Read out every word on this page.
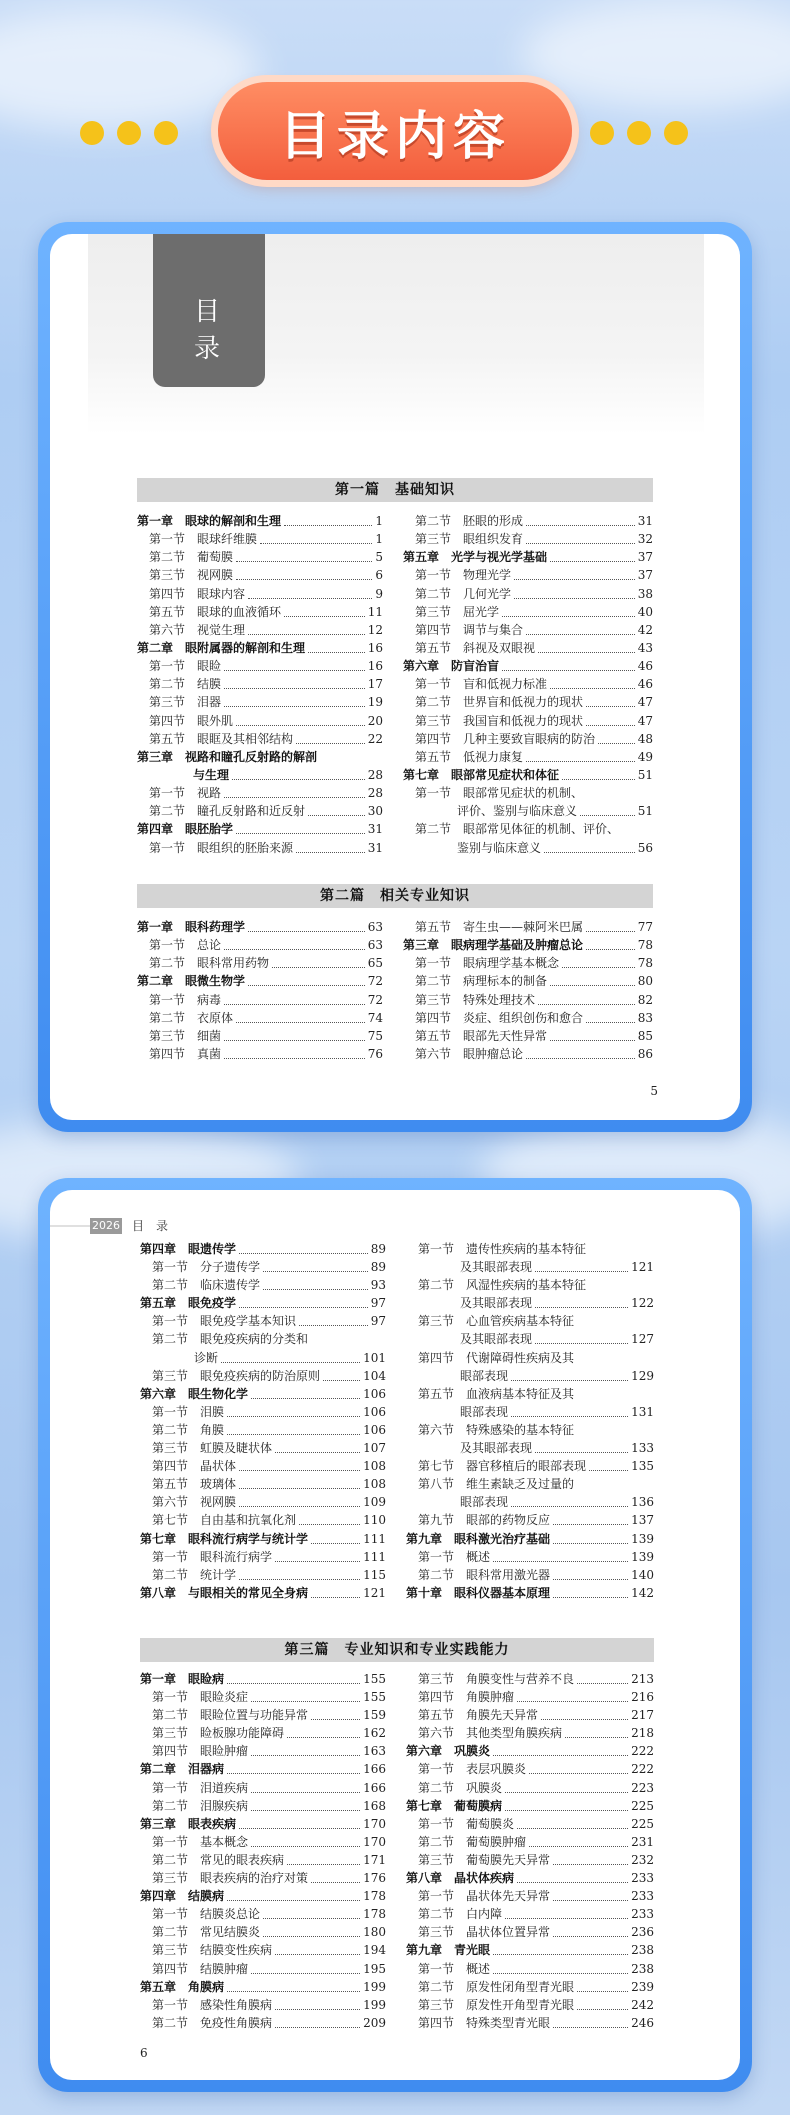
目录内容
目 录
第一篇　基础知识
第一章　眼球的解剖和生理	1
第一节　眼球纤维膜	1
第二节　葡萄膜	5
第三节　视网膜	6
第四节　眼球内容	9
第五节　眼球的血液循环	11
第六节　视觉生理	12
第二章　眼附属器的解剖和生理	16
第一节　眼睑	16
第二节　结膜	17
第三节　泪器	19
第四节　眼外肌	20
第五节　眼眶及其相邻结构	22
第三章　视路和瞳孔反射路的解剖
与生理	28
第一节　视路	28
第二节　瞳孔反射路和近反射	30
第四章　眼胚胎学	31
第一节　眼组织的胚胎来源	31
第二节　胚眼的形成	31
第三节　眼组织发育	32
第五章　光学与视光学基础	37
第一节　物理光学	37
第二节　几何光学	38
第三节　屈光学	40
第四节　调节与集合	42
第五节　斜视及双眼视	43
第六章　防盲治盲	46
第一节　盲和低视力标准	46
第二节　世界盲和低视力的现状	47
第三节　我国盲和低视力的现状	47
第四节　几种主要致盲眼病的防治	48
第五节　低视力康复	49
第七章　眼部常见症状和体征	51
第一节　眼部常见症状的机制、
评价、鉴别与临床意义	51
第二节　眼部常见体征的机制、评价、
鉴别与临床意义	56
第二篇　相关专业知识
第一章　眼科药理学	63
第一节　总论	63
第二节　眼科常用药物	65
第二章　眼微生物学	72
第一节　病毒	72
第二节　衣原体	74
第三节　细菌	75
第四节　真菌	76
第五节　寄生虫——棘阿米巴属	77
第三章　眼病理学基础及肿瘤总论	78
第一节　眼病理学基本概念	78
第二节　病理标本的制备	80
第三节　特殊处理技术	82
第四节　炎症、组织创伤和愈合	83
第五节　眼部先天性异常	85
第六节　眼肿瘤总论	86
5
2026 目　录
第四章　眼遗传学	89
第一节　分子遗传学	89
第二节　临床遗传学	93
第五章　眼免疫学	97
第一节　眼免疫学基本知识	97
第二节　眼免疫疾病的分类和
诊断	101
第三节　眼免疫疾病的防治原则	104
第六章　眼生物化学	106
第一节　泪膜	106
第二节　角膜	106
第三节　虹膜及睫状体	107
第四节　晶状体	108
第五节　玻璃体	108
第六节　视网膜	109
第七节　自由基和抗氧化剂	110
第七章　眼科流行病学与统计学	111
第一节　眼科流行病学	111
第二节　统计学	115
第八章　与眼相关的常见全身病	121
第一节　遗传性疾病的基本特征
及其眼部表现	121
第二节　风湿性疾病的基本特征
及其眼部表现	122
第三节　心血管疾病基本特征
及其眼部表现	127
第四节　代谢障碍性疾病及其
眼部表现	129
第五节　血液病基本特征及其
眼部表现	131
第六节　特殊感染的基本特征
及其眼部表现	133
第七节　器官移植后的眼部表现	135
第八节　维生素缺乏及过量的
眼部表现	136
第九节　眼部的药物反应	137
第九章　眼科激光治疗基础	139
第一节　概述	139
第二节　眼科常用激光器	140
第十章　眼科仪器基本原理	142
第三篇　专业知识和专业实践能力
第一章　眼睑病	155
第一节　眼睑炎症	155
第二节　眼睑位置与功能异常	159
第三节　睑板腺功能障碍	162
第四节　眼睑肿瘤	163
第二章　泪器病	166
第一节　泪道疾病	166
第二节　泪腺疾病	168
第三章　眼表疾病	170
第一节　基本概念	170
第二节　常见的眼表疾病	171
第三节　眼表疾病的治疗对策	176
第四章　结膜病	178
第一节　结膜炎总论	178
第二节　常见结膜炎	180
第三节　结膜变性疾病	194
第四节　结膜肿瘤	195
第五章　角膜病	199
第一节　感染性角膜病	199
第二节　免疫性角膜病	209
第三节　角膜变性与营养不良	213
第四节　角膜肿瘤	216
第五节　角膜先天异常	217
第六节　其他类型角膜疾病	218
第六章　巩膜炎	222
第一节　表层巩膜炎	222
第二节　巩膜炎	223
第七章　葡萄膜病	225
第一节　葡萄膜炎	225
第二节　葡萄膜肿瘤	231
第三节　葡萄膜先天异常	232
第八章　晶状体疾病	233
第一节　晶状体先天异常	233
第二节　白内障	233
第三节　晶状体位置异常	236
第九章　青光眼	238
第一节　概述	238
第二节　原发性闭角型青光眼	239
第三节　原发性开角型青光眼	242
第四节　特殊类型青光眼	246
6
